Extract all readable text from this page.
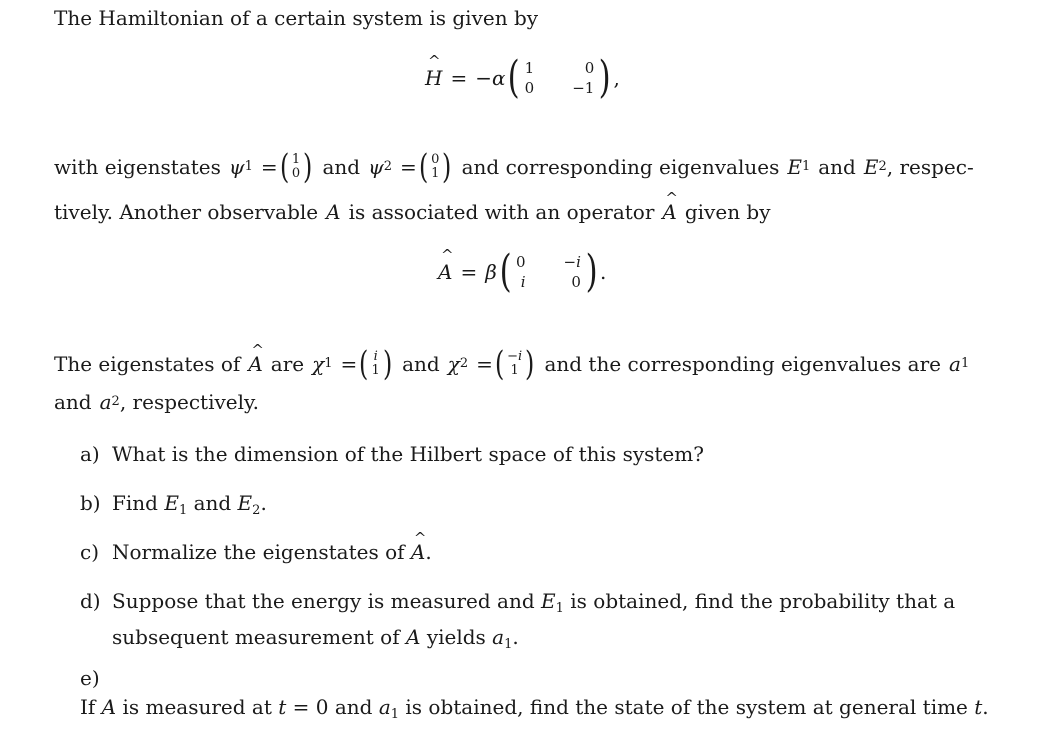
The Hamiltonian of a certain system is given by
H ^ = −α ( 1	0
0	−1 ) ,
with eigenstates ψ 1 = ( 1
0 ) and ψ 2 = ( 0
1 ) and corresponding eigenvalues E 1 and E 2 , respec-
tively. Another observable A is associated with an operator A ^ given by
A ^ = β ( 0	−i
i	0 ) .
The eigenstates of A ^ are χ 1 = ( i
1 ) and χ 2 = ( −i
1 ) and the corresponding eigenvalues are a 1
and a 2 , respectively.
a) What is the dimension of the Hilbert space of this system?
b) Find $E_1$ and $E_2$.
c) Normalize the eigenstates of A ^.
d) Suppose that the energy is measured and $E_1$ is obtained, find the probability that a
subsequent measurement of A yields $a_1$.
e)If A is measured at t = 0 and $a_1$ is obtained, find the state of the system at general time t.
